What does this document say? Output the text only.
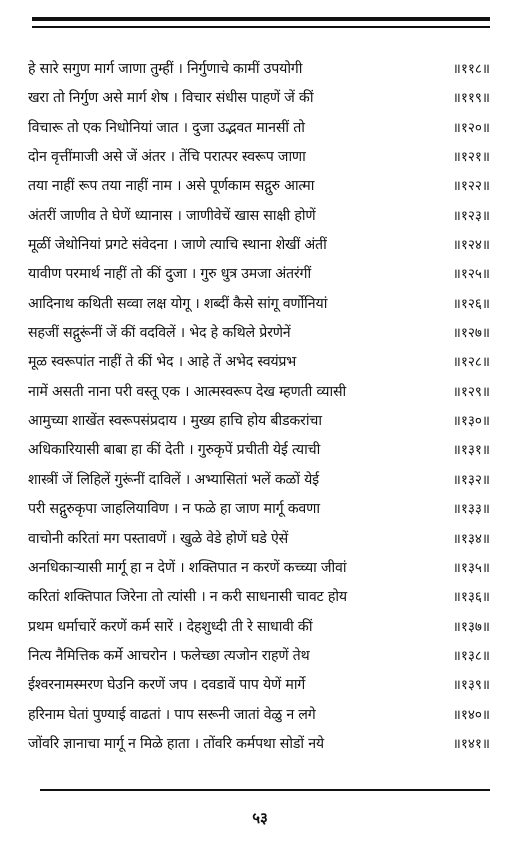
हे सारे सगुण मार्ग जाणा तुम्हीं । निर्गुणाचे कामीं उपयोगी	॥११८॥
खरा तो निर्गुण असे मार्ग शेष । विचार संधीस पाहणें जें कीं	॥११९॥
विचारू तो एक निधोनियां जात । दुजा उद्भवत मानसीं तो	॥१२०॥
दोन वृत्तींमाजी असे जें अंतर । तेंचि परात्पर स्वरूप जाणा	॥१२१॥
तया नाहीं रूप तया नाहीं नाम । असे पूर्णकाम सद्गुरु आत्मा	॥१२२॥
अंतरीं जाणीव ते घेणें ध्यानास । जाणीवेचें खास साक्षी होणें	॥१२३॥
मूळीं जेथोनियां प्रगटे संवेदना । जाणे त्याचि स्थाना शेखीं अंतीं	॥१२४॥
यावीण परमार्थ नाहीं तो कीं दुजा । गुरु धुत्र उमजा अंतरंगीं	॥१२५॥
आदिनाथ कथिती सव्वा लक्ष योगू । शब्दीं कैसे सांगू वर्णोनियां	॥१२६॥
सहजीं सद्गुरूंनीं जें कीं वदविलें । भेद हे कथिले प्रेरणेनें	॥१२७॥
मूळ स्वरूपांत नाहीं ते कीं भेद । आहे तें अभेद स्वयंप्रभ	॥१२८॥
नामें असती नाना परी वस्तू एक । आत्मस्वरूप देख म्हणती व्यासी	॥१२९॥
आमुच्या शाखेंत स्वरूपसंप्रदाय । मुख्य हाचि होय बीडकरांचा	॥१३०॥
अधिकारियासी बाबा हा कीं देती । गुरुकृपें प्रचीती येई त्याची	॥१३१॥
शास्त्रीं जें लिहिलें गुरूंनीं दाविलें । अभ्यासितां भलें कळों येई	॥१३२॥
परी सद्गुरुकृपा जाहलियाविण । न फळे हा जाण मार्गू कवणा	॥१३३॥
वाचोनी करितां मग पस्तावणें । खुळे वेडे होणें घडे ऐसें	॥१३४॥
अनधिकाऱ्यासी मार्गू हा न देणें । शक्तिपात न करणें कच्च्या जीवां	॥१३५॥
करितां शक्तिपात जिरेना तो त्यांसी । न करी साधनासी चावट होय	॥१३६॥
प्रथम धर्माचारें करणें कर्म सारें । देहशुध्दी ती रे साधावी कीं	॥१३७॥
नित्य नैमित्तिक कर्मे आचरोन । फलेच्छा त्यजोन राहणें तेथ	॥१३८॥
ईश्वरनामस्मरण घेउनि करणें जप । दवडावें पाप येणें मार्गे	॥१३९॥
हरिनाम घेतां पुण्याई वाढतां । पाप सरूनी जातां वेळु न लगे	॥१४०॥
जोंवरि ज्ञानाचा मार्गू न मिळे हाता । तोंवरि कर्मपथा सोडों नये	॥१४१॥
५३
